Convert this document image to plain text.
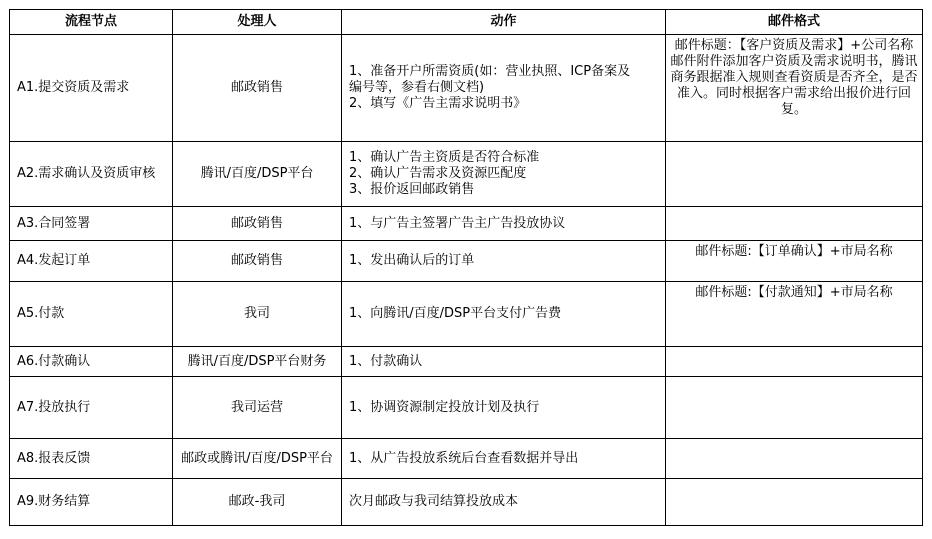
流程节点	处理人	动作	邮件格式
A1.提交资质及需求	邮政销售	1、准备开户所需资质(如：营业执照、ICP备案及
编号等，参看右侧文档)
2、填写《广告主需求说明书》	邮件标题：【客户资质及需求】+公司名称 邮件附件添加客户资质及需求说明书，腾讯商务跟据准入规则查看资质是否齐全，是否准入。同时根据客户需求给出报价进行回复。

A2.需求确认及资质审核	腾讯/百度/DSP平台	1、确认广告主资质是否符合标准
2、确认广告需求及资源匹配度
3、报价返回邮政销售	

A3.合同签署	邮政销售	1、与广告主签署广告主广告投放协议	

A4.发起订单	邮政销售	1、发出确认后的订单	邮件标题:【订单确认】+市局名称

A5.付款	我司	1、向腾讯/百度/DSP平台支付广告费	邮件标题:【付款通知】+市局名称

A6.付款确认	腾讯/百度/DSP平台财务	1、付款确认	

A7.投放执行	我司运营	1、协调资源制定投放计划及执行	

A8.报表反馈	邮政或腾讯/百度/DSP平台	1、从广告投放系统后台查看数据并导出	

A9.财务结算	邮政-我司	次月邮政与我司结算投放成本	
